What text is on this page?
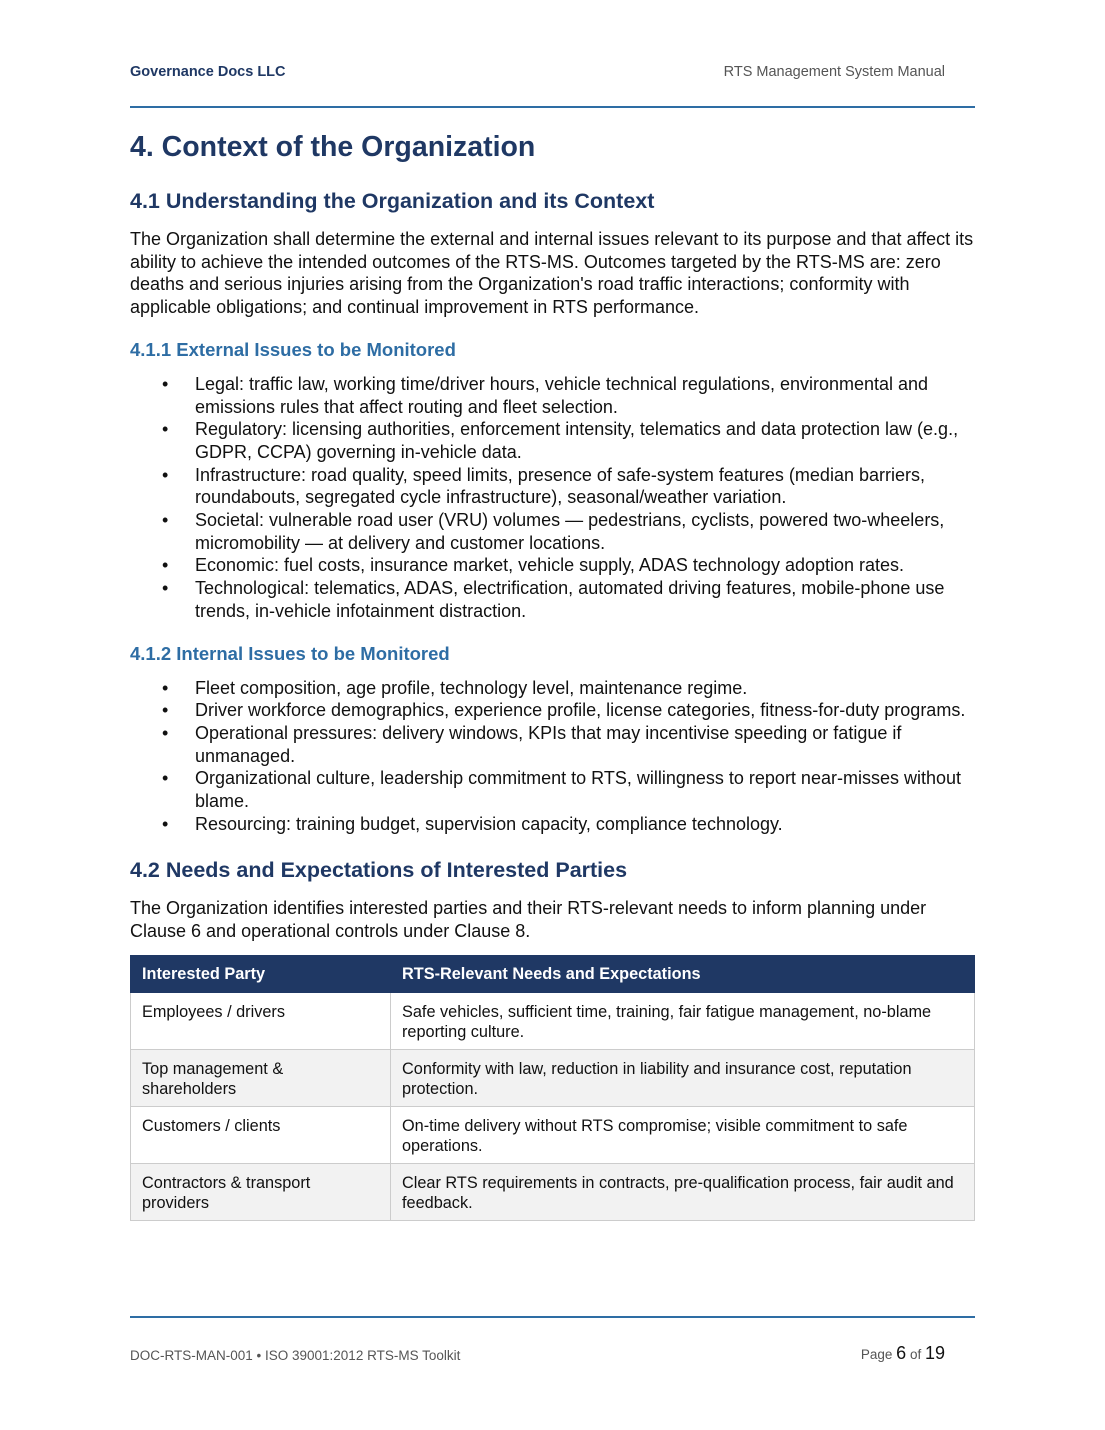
Governance Docs LLC	RTS Management System Manual
4. Context of the Organization
4.1 Understanding the Organization and its Context

The Organization shall determine the external and internal issues relevant to its purpose and that affect its ability to achieve the intended outcomes of the RTS-MS. Outcomes targeted by the RTS-MS are: zero deaths and serious injuries arising from the Organization's road traffic interactions; conformity with applicable obligations; and continual improvement in RTS performance.

4.1.1 External Issues to be Monitored
• Legal: traffic law, working time/driver hours, vehicle technical regulations, environmental and emissions rules that affect routing and fleet selection.
• Regulatory: licensing authorities, enforcement intensity, telematics and data protection law (e.g., GDPR, CCPA) governing in-vehicle data.
• Infrastructure: road quality, speed limits, presence of safe-system features (median barriers, roundabouts, segregated cycle infrastructure), seasonal/weather variation.
• Societal: vulnerable road user (VRU) volumes — pedestrians, cyclists, powered two-wheelers, micromobility — at delivery and customer locations.
• Economic: fuel costs, insurance market, vehicle supply, ADAS technology adoption rates.
• Technological: telematics, ADAS, electrification, automated driving features, mobile-phone use trends, in-vehicle infotainment distraction.
4.1.2 Internal Issues to be Monitored
• Fleet composition, age profile, technology level, maintenance regime.
• Driver workforce demographics, experience profile, license categories, fitness-for-duty programs.
• Operational pressures: delivery windows, KPIs that may incentivise speeding or fatigue if unmanaged.
• Organizational culture, leadership commitment to RTS, willingness to report near-misses without blame.
• Resourcing: training budget, supervision capacity, compliance technology.
4.2 Needs and Expectations of Interested Parties

The Organization identifies interested parties and their RTS-relevant needs to inform planning under Clause 6 and operational controls under Clause 8.

Interested Party	RTS-Relevant Needs and Expectations
Employees / drivers	Safe vehicles, sufficient time, training, fair fatigue management, no-blame reporting culture.
Top management & shareholders	Conformity with law, reduction in liability and insurance cost, reputation protection.
Customers / clients	On-time delivery without RTS compromise; visible commitment to safe operations.
Contractors & transport providers	Clear RTS requirements in contracts, pre-qualification process, fair audit and feedback.
DOC-RTS-MAN-001 • ISO 39001:2012 RTS-MS Toolkit	Page 6 of 19
